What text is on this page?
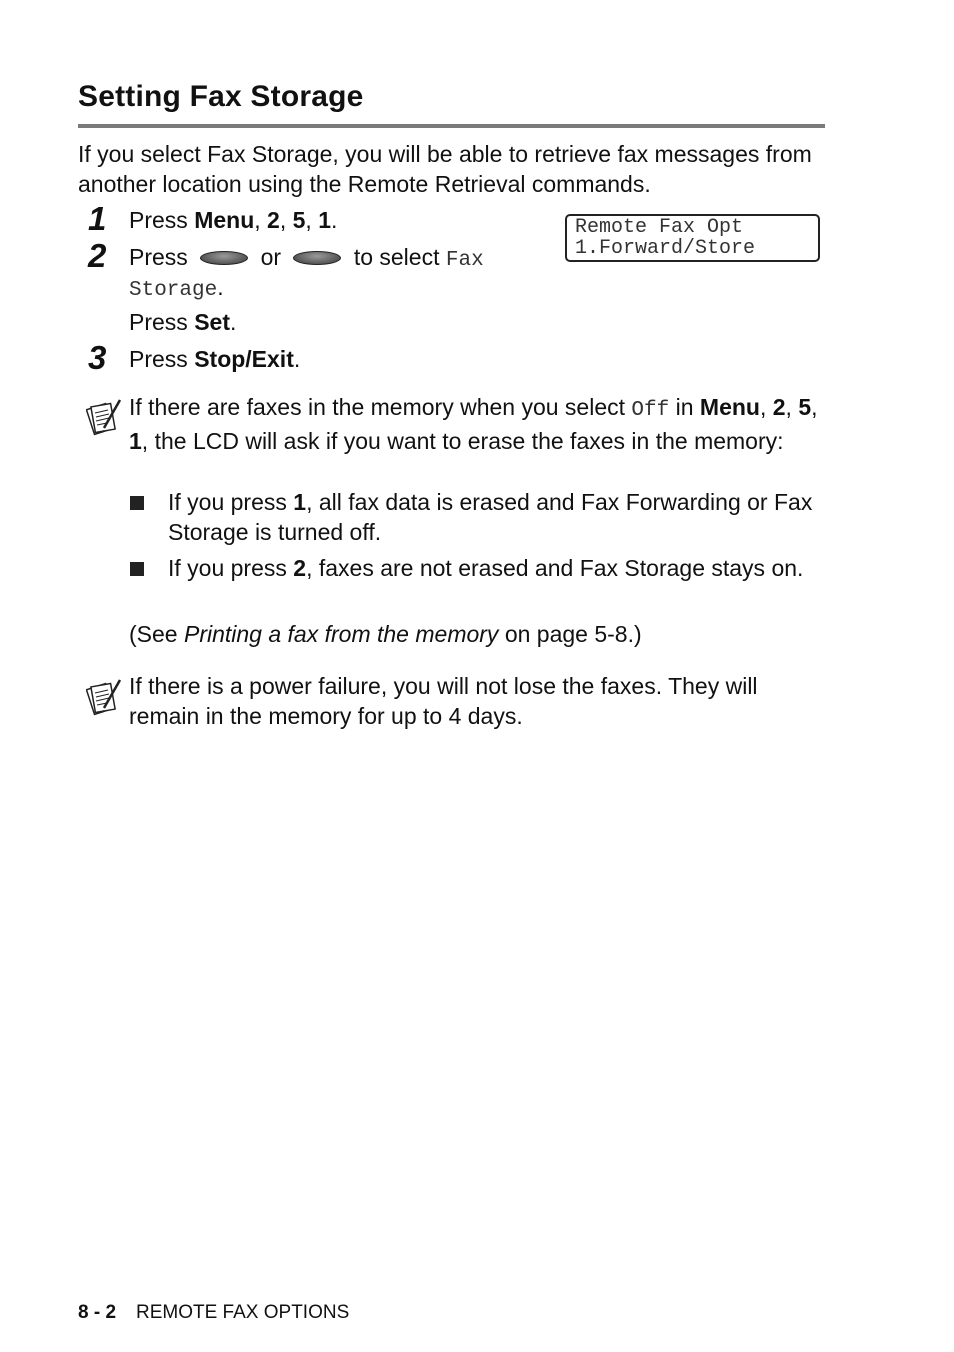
Setting Fax Storage

If you select Fax Storage, you will be able to retrieve fax messages from another location using the Remote Retrieval commands.

1 Press Menu, 2, 5, 1.	Remote Fax Opt
1.Forward/Store
2 Press	or	to select Fax
Storage.
Press Set.
3 Press Stop/Exit.
If there are faxes in the memory when you select Off in Menu, 2, 5, 1, the LCD will ask if you want to erase the faxes in the memory:
If you press 1, all fax data is erased and Fax Forwarding or Fax Storage is turned off.
If you press 2, faxes are not erased and Fax Storage stays on.
(See Printing a fax from the memory on page 5-8.)

If there is a power failure, you will not lose the faxes. They will remain in the memory for up to 4 days.

8 - 2 REMOTE FAX OPTIONS
